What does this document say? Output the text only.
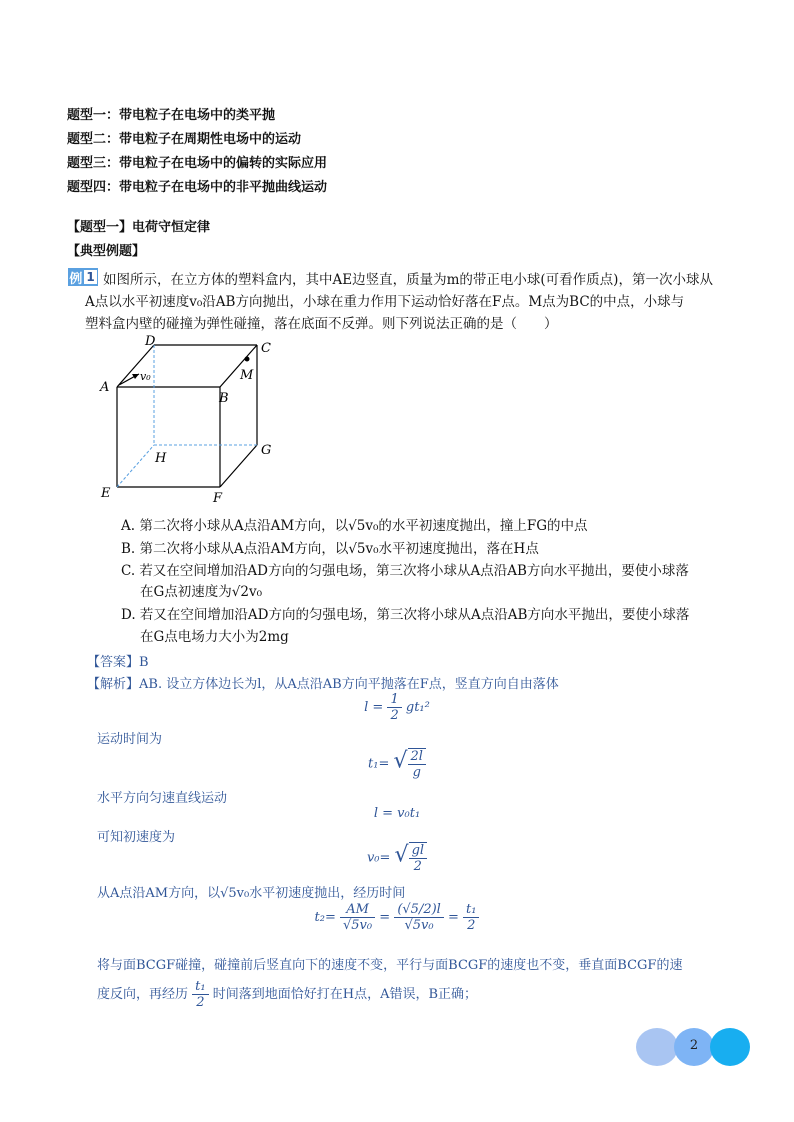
题型一：带电粒子在电场中的类平抛
题型二：带电粒子在周期性电场中的运动
题型三：带电粒子在电场中的偏转的实际应用
题型四：带电粒子在电场中的非平抛曲线运动
【题型一】电荷守恒定律
【典型例题】
例 1 如图所示，在立方体的塑料盒内，其中AE边竖直，质量为m的带正电小球(可看作质点)，第一次小球从
A点以水平初速度v₀沿AB方向抛出，小球在重力作用下运动恰好落在F点。M点为BC的中点，小球与
塑料盒内壁的碰撞为弹性碰撞，落在底面不反弹。则下列说法正确的是（　　）
A
B
C
D
E	F
G
H
M
v₀
A. 第二次将小球从A点沿AM方向，以√5v₀的水平初速度抛出，撞上FG的中点
B. 第二次将小球从A点沿AM方向，以√5v₀水平初速度抛出，落在H点
C. 若又在空间增加沿AD方向的匀强电场，第三次将小球从A点沿AB方向水平抛出，要使小球落
在G点初速度为√2v₀
D. 若又在空间增加沿AD方向的匀强电场，第三次将小球从A点沿AB方向水平抛出，要使小球落
在G点电场力大小为2mg
【答案】B
【解析】AB. 设立方体边长为l，从A点沿AB方向平抛落在F点，竖直方向自由落体
$l = \frac{1}{2} gt_1^2$
运动时间为
t₁= √ $\frac{2l}{g}$
水平方向匀速直线运动
l = v₀t₁
可知初速度为
v₀= √ $\frac{gl}{2}$
从A点沿AM方向，以√5v₀水平初速度抛出，经历时间
$t_2= \frac{AM}{\text{√5v₀}} = \frac{(√5/2)l}{\text{√5v₀}} = \frac{\text{t₁}}{2}$
将与面BCGF碰撞，碰撞前后竖直向下的速度不变，平行与面BCGF的速度也不变，垂直面BCGF的速
度反向，再经历 $\frac{\text{t₁}}{2}$ 时间落到地面恰好打在H点，A错误，B正确；
2
